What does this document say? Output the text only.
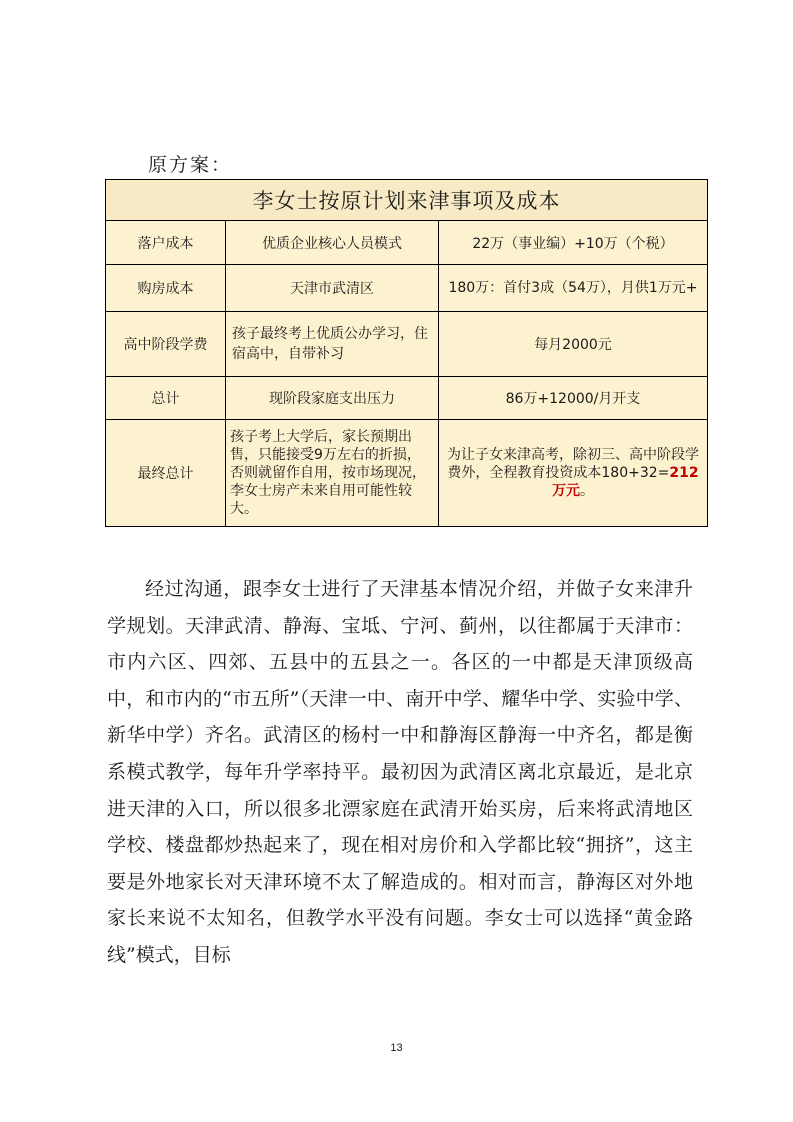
原方案：
李女士按原计划来津事项及成本		
落户成本	优质企业核心人员模式	22万（事业编）+10万（个税）
购房成本	天津市武清区	180万：首付3成（54万），月供1万元+
高中阶段学费	孩子最终考上优质公办学习，住宿高中，自带补习	每月2000元
总计	现阶段家庭支出压力	86万+12000/月开支
最终总计	孩子考上大学后，家长预期出售，只能接受9万左右的折损，否则就留作自用，按市场现况，李女士房产未来自用可能性较大。	为让子女来津高考，除初三、高中阶段学费外，全程教育投资成本180+32=212万元。

经过沟通，跟李女士进行了天津基本情况介绍，并做子女来津升学规划。天津武清、静海、宝坻、宁河、蓟州，以往都属于天津市：市内六区、四郊、五县中的五县之一。各区的一中都是天津顶级高中，和市内的“市五所”（天津一中、南开中学、耀华中学、实验中学、新华中学）齐名。武清区的杨村一中和静海区静海一中齐名，都是衡系模式教学，每年升学率持平。最初因为武清区离北京最近，是北京进天津的入口，所以很多北漂家庭在武清开始买房，后来将武清地区学校、楼盘都炒热起来了，现在相对房价和入学都比较“拥挤”，这主要是外地家长对天津环境不太了解造成的。相对而言，静海区对外地家长来说不太知名，但教学水平没有问题。李女士可以选择“黄金路线”模式，目标

13
